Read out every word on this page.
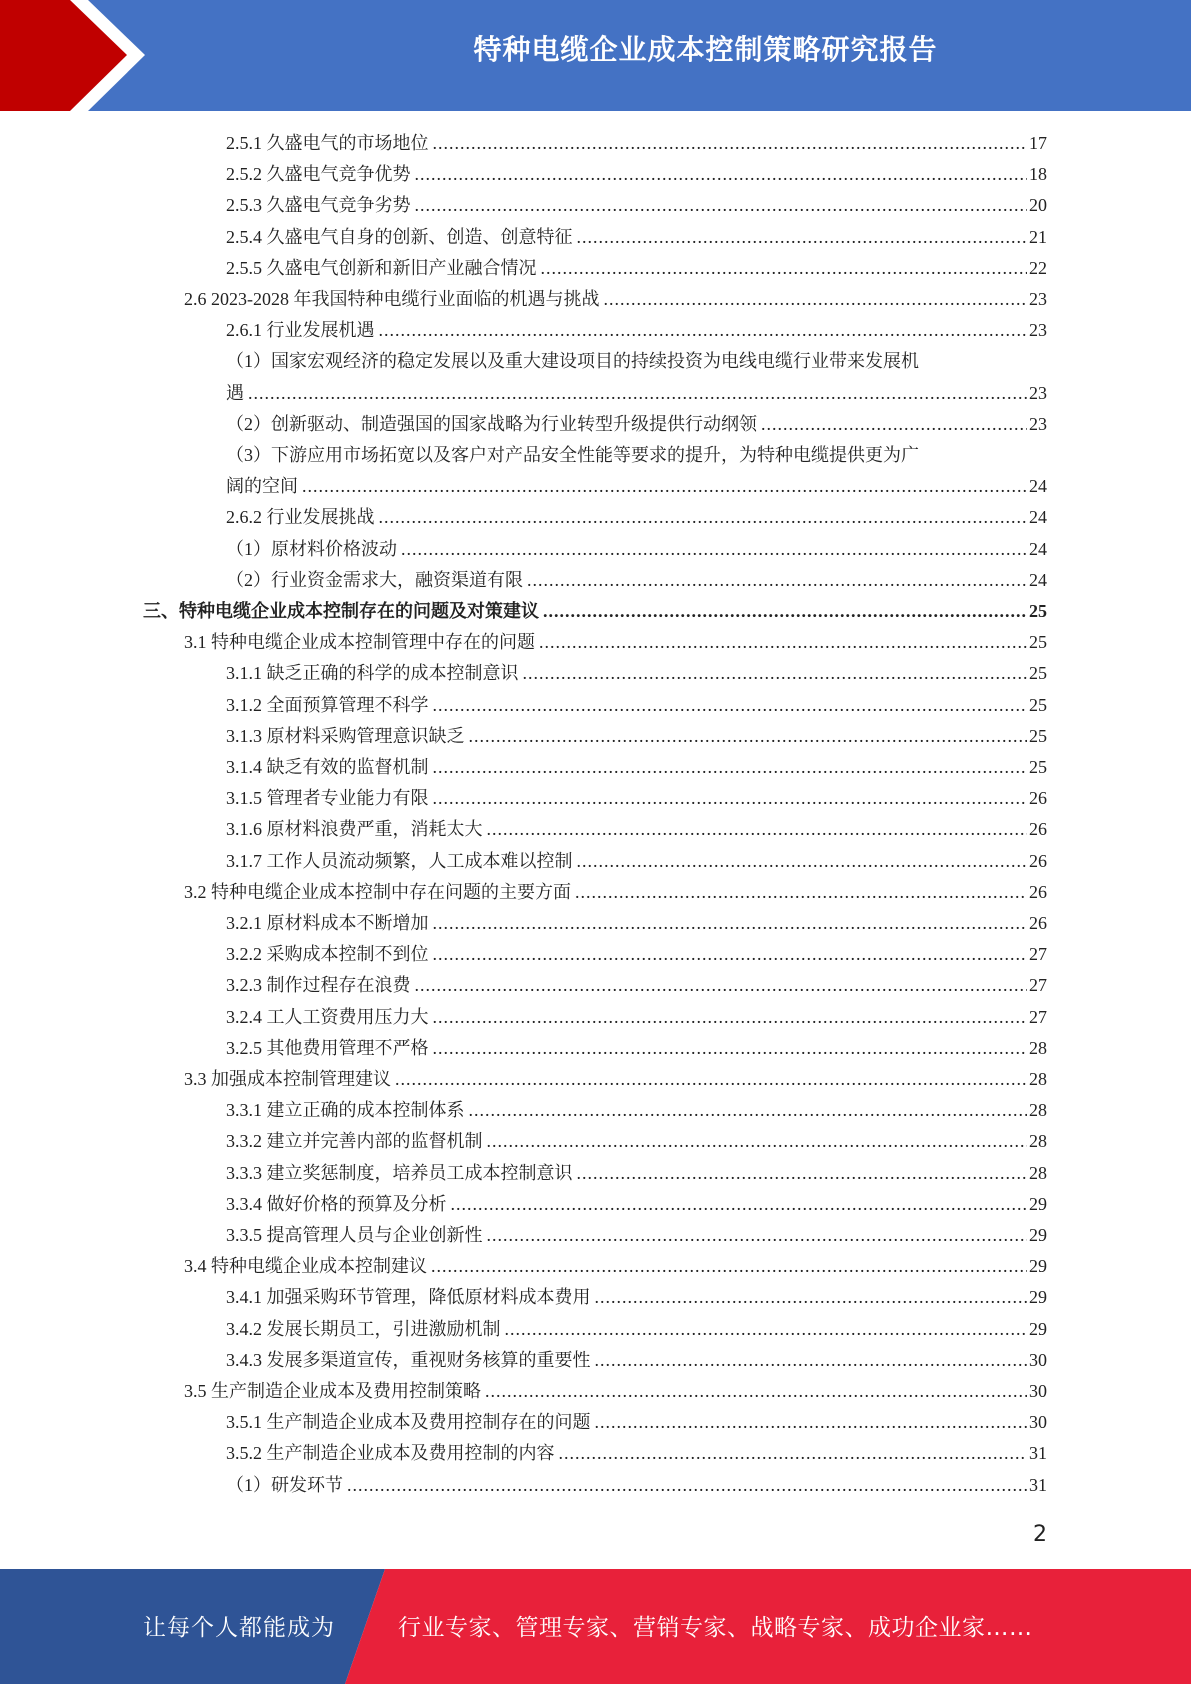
特种电缆企业成本控制策略研究报告
2.5.1 久盛电气的市场地位 .....	17
2.5.2 久盛电气竞争优势 .....	18
2.5.3 久盛电气竞争劣势 .....	20
2.5.4 久盛电气自身的创新、创造、创意特征 .....	21
2.5.5 久盛电气创新和新旧产业融合情况 .....	22
2.6 2023-2028 年我国特种电缆行业面临的机遇与挑战 .....	23
2.6.1 行业发展机遇 .....	23
（1）国家宏观经济的稳定发展以及重大建设项目的持续投资为电线电缆行业带来发展机
遇 .....	23
（2）创新驱动、制造强国的国家战略为行业转型升级提供行动纲领 .....	23
（3）下游应用市场拓宽以及客户对产品安全性能等要求的提升，为特种电缆提供更为广
阔的空间 .....	24
2.6.2 行业发展挑战 .....	24
（1）原材料价格波动 .....	24
（2）行业资金需求大，融资渠道有限 .....	24
三、特种电缆企业成本控制存在的问题及对策建议 .....	25
3.1 特种电缆企业成本控制管理中存在的问题 .....	25
3.1.1 缺乏正确的科学的成本控制意识 .....	25
3.1.2 全面预算管理不科学 .....	25
3.1.3 原材料采购管理意识缺乏 .....	25
3.1.4 缺乏有效的监督机制 .....	25
3.1.5 管理者专业能力有限 .....	26
3.1.6 原材料浪费严重，消耗太大 .....	26
3.1.7 工作人员流动频繁，人工成本难以控制 .....	26
3.2 特种电缆企业成本控制中存在问题的主要方面 .....	26
3.2.1 原材料成本不断增加 .....	26
3.2.2 采购成本控制不到位 .....	27
3.2.3 制作过程存在浪费 .....	27
3.2.4 工人工资费用压力大 .....	27
3.2.5 其他费用管理不严格 .....	28
3.3 加强成本控制管理建议 .....	28
3.3.1 建立正确的成本控制体系 .....	28
3.3.2 建立并完善内部的监督机制 .....	28
3.3.3 建立奖惩制度，培养员工成本控制意识 .....	28
3.3.4 做好价格的预算及分析 .....	29
3.3.5 提高管理人员与企业创新性 .....	29
3.4 特种电缆企业成本控制建议 .....	29
3.4.1 加强采购环节管理，降低原材料成本费用 .....	29
3.4.2 发展长期员工，引进激励机制 .....	29
3.4.3 发展多渠道宣传，重视财务核算的重要性 .....	30
3.5 生产制造企业成本及费用控制策略 .....	30
3.5.1 生产制造企业成本及费用控制存在的问题 .....	30
3.5.2 生产制造企业成本及费用控制的内容 .....	31
（1）研发环节 .....	31
2
让每个人都能成为	行业专家、管理专家、营销专家、战略专家、成功企业家……
